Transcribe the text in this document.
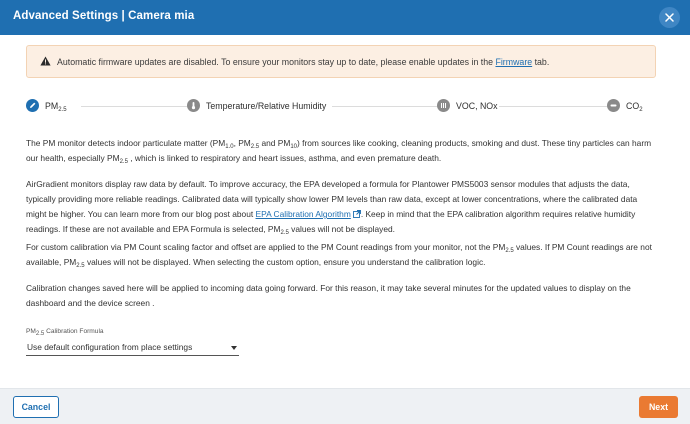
Advanced Settings | Camera mia
Automatic firmware updates are disabled. To ensure your monitors stay up to date, please enable updates in the Firmware tab.
$PM_{2.5}$	Temperature/Relative Humidity	VOC, NOx	$CO_2$
The PM monitor detects indoor particulate matter ($PM_{1.0}$, $PM_{2.5}$ and $PM_{10}$) from sources like cooking, cleaning products, smoking and dust. These tiny particles can harm
our health, especially $PM_{2.5}$ , which is linked to respiratory and heart issues, asthma, and even premature death.
AirGradient monitors display raw data by default. To improve accuracy, the EPA developed a formula for Plantower PMS5003 sensor modules that adjusts the data,
typically providing more reliable readings. Calibrated data will typically show lower PM levels than raw data, except at lower concentrations, where the calibrated data
might be higher. You can learn more from our blog post about EPA Calibration Algorithm . Keep in mind that the EPA calibration algorithm requires relative humidity
readings. If these are not available and EPA Formula is selected, $PM_{2.5}$ values will not be displayed.
For custom calibration via PM Count scaling factor and offset are applied to the PM Count readings from your monitor, not the $PM_{2.5}$ values. If PM Count readings are not
available, $PM_{2.5}$ values will not be displayed. When selecting the custom option, ensure you understand the calibration logic.
Calibration changes saved here will be applied to incoming data going forward. For this reason, it may take several minutes for the updated values to display on the
dashboard and the device screen .
$PM_{2.5}$ Calibration Formula
Use default configuration from place settings
Cancel	Next
